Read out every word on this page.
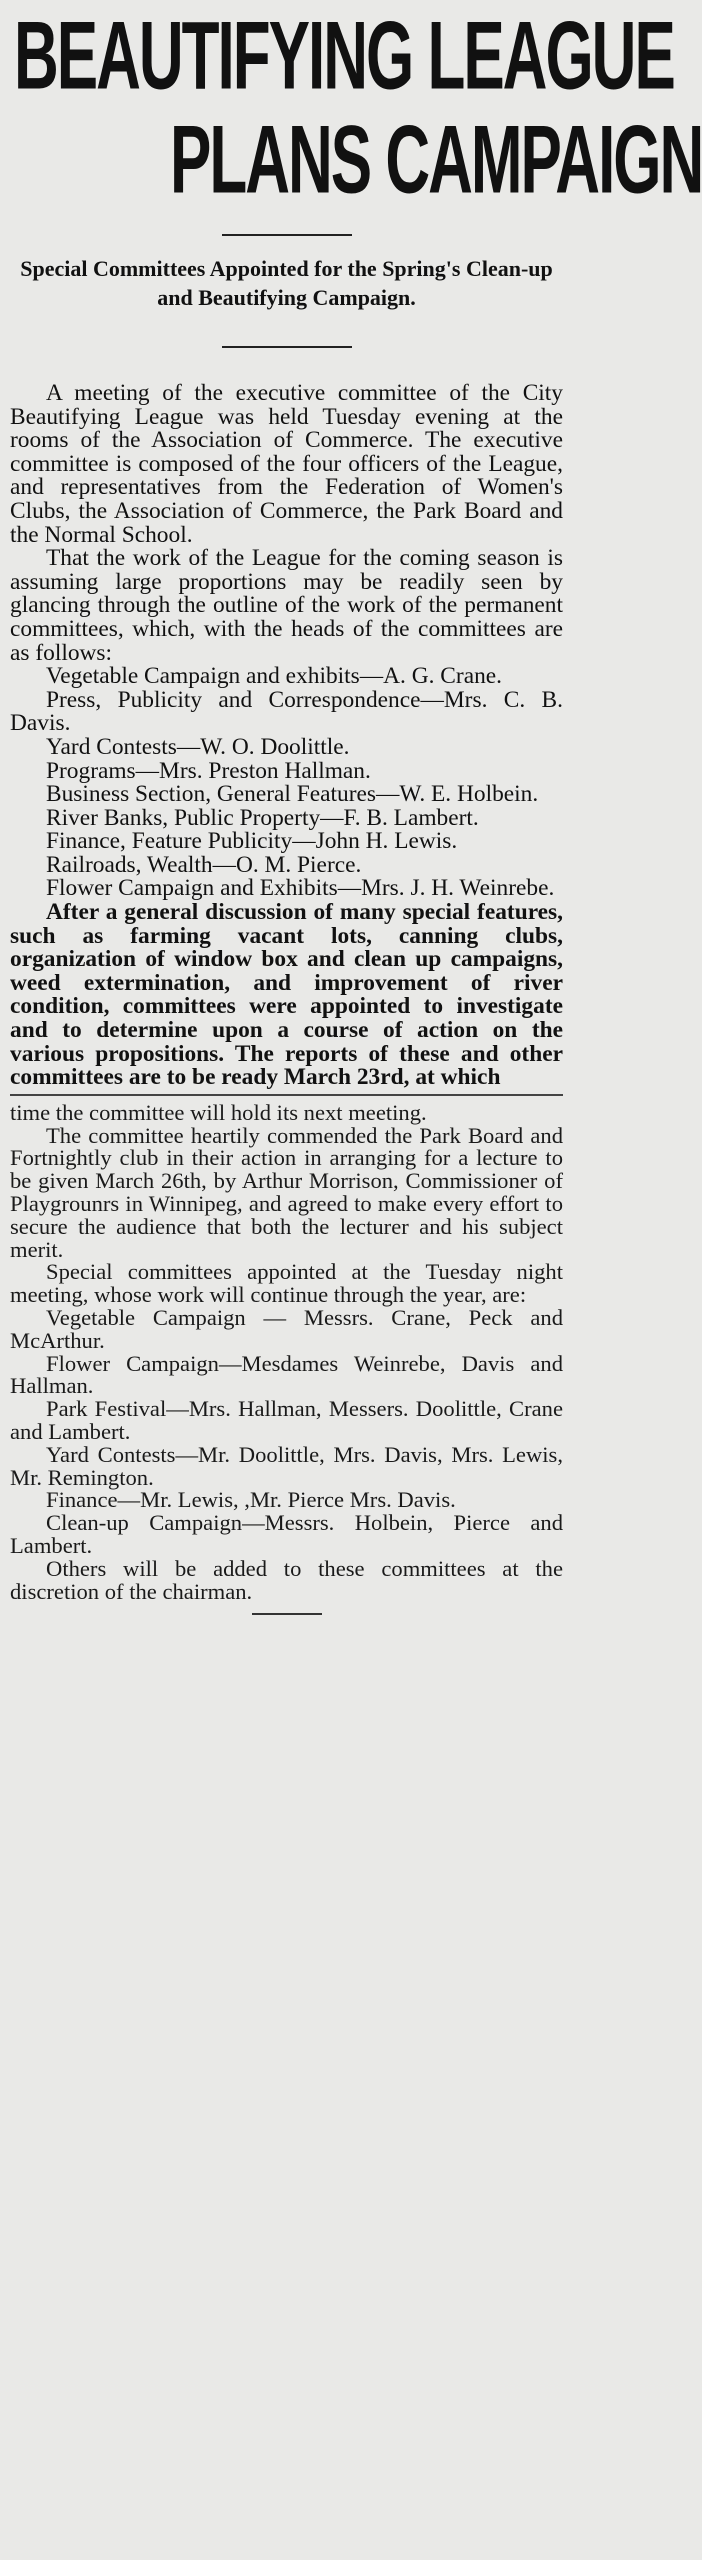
BEAUTIFYING LEAGUE
PLANS CAMPAIGN
Special Committees Appointed for the Spring's Clean-up and Beautifying Campaign.

A meeting of the executive committee of the City Beautifying League was held Tuesday evening at the rooms of the Association of Commerce. The executive committee is composed of the four officers of the League, and representatives from the Federation of Women's Clubs, the Association of Commerce, the Park Board and the Normal School.

That the work of the League for the coming season is assuming large proportions may be readily seen by glancing through the outline of the work of the permanent committees, which, with the heads of the committees are as follows:

Vegetable Campaign and exhibits—A. G. Crane.

Press, Publicity and Correspondence—Mrs. C. B. Davis.

Yard Contests—W. O. Doolittle.

Programs—Mrs. Preston Hallman.

Business Section, General Features—W. E. Holbein.

River Banks, Public Property—F. B. Lambert.

Finance, Feature Publicity—John H. Lewis.

Railroads, Wealth—O. M. Pierce.

Flower Campaign and Exhibits—Mrs. J. H. Weinrebe.

After a general discussion of many special features, such as farming vacant lots, canning clubs, organization of window box and clean up campaigns, weed extermination, and improvement of river condition, committees were appointed to investigate and to determine upon a course of action on the various propositions. The reports of these and other committees are to be ready March 23rd, at which

time the committee will hold its next meeting.

The committee heartily commended the Park Board and Fortnightly club in their action in arranging for a lecture to be given March 26th, by Arthur Morrison, Commissioner of Playgrounrs in Winnipeg, and agreed to make every effort to secure the audience that both the lecturer and his subject merit.

Special committees appointed at the Tuesday night meeting, whose work will continue through the year, are:

Vegetable Campaign — Messrs. Crane, Peck and McArthur.

Flower Campaign—Mesdames Weinrebe, Davis and Hallman.

Park Festival—Mrs. Hallman, Messers. Doolittle, Crane and Lambert.

Yard Contests—Mr. Doolittle, Mrs. Davis, Mrs. Lewis, Mr. Remington.

Finance—Mr. Lewis, ,Mr. Pierce Mrs. Davis.

Clean-up Campaign—Messrs. Holbein, Pierce and Lambert.

Others will be added to these committees at the discretion of the chairman.
